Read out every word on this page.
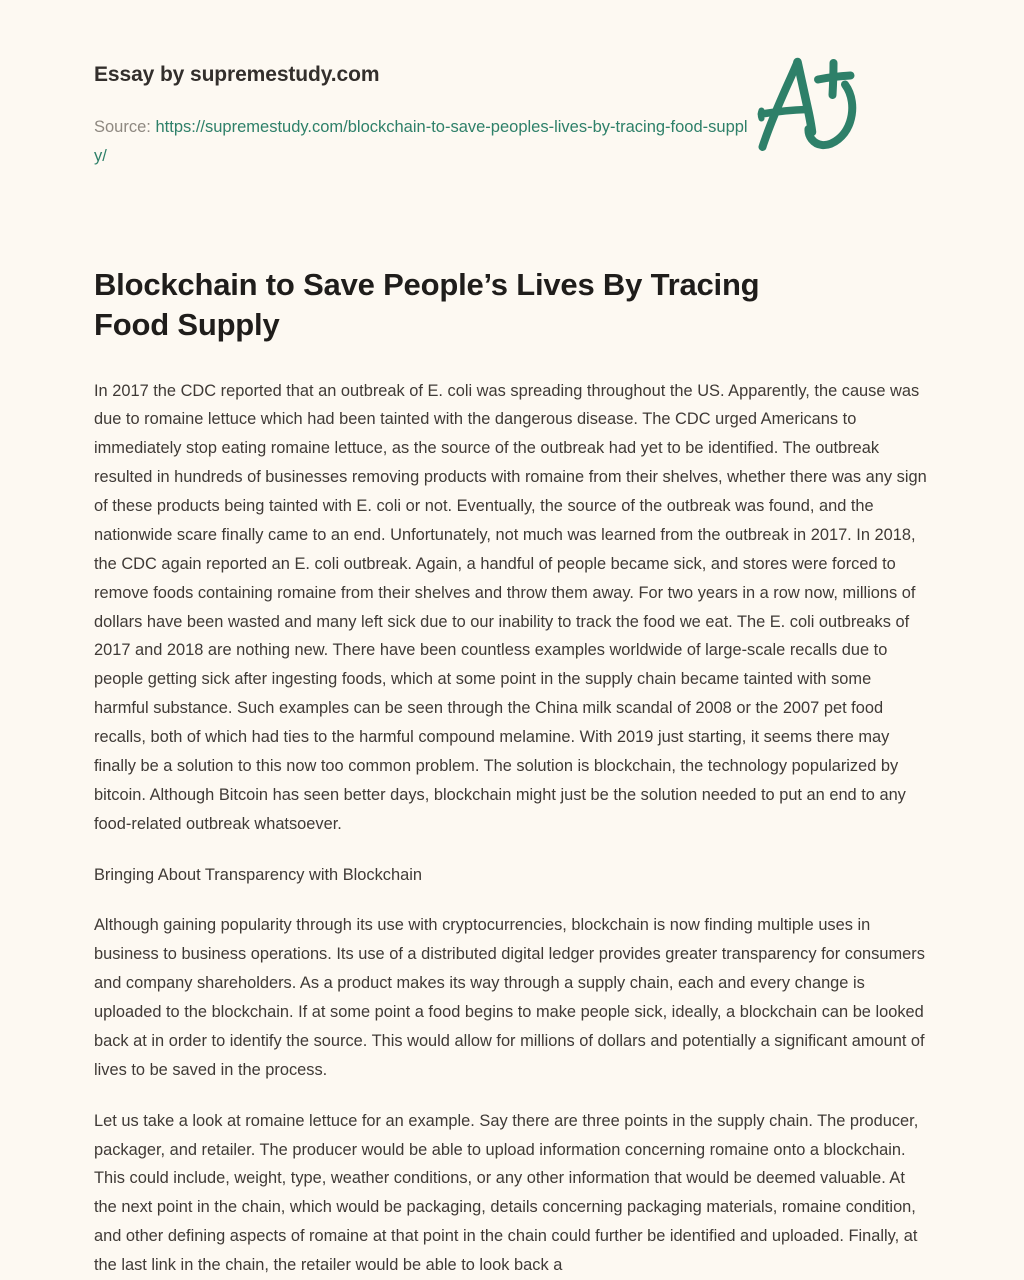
Essay by supremestudy.com

Source: https://supremestudy.com/blockchain-to-save-peoples-lives-by-tracing-food-supply/

Blockchain to Save People’s Lives By Tracing Food Supply

In 2017 the CDC reported that an outbreak of E. coli was spreading throughout the US. Apparently, the cause was due to romaine lettuce which had been tainted with the dangerous disease. The CDC urged Americans to immediately stop eating romaine lettuce, as the source of the outbreak had yet to be identified. The outbreak resulted in hundreds of businesses removing products with romaine from their shelves, whether there was any sign of these products being tainted with E. coli or not. Eventually, the source of the outbreak was found, and the nationwide scare finally came to an end. Unfortunately, not much was learned from the outbreak in 2017. In 2018, the CDC again reported an E. coli outbreak. Again, a handful of people became sick, and stores were forced to remove foods containing romaine from their shelves and throw them away. For two years in a row now, millions of dollars have been wasted and many left sick due to our inability to track the food we eat. The E. coli outbreaks of 2017 and 2018 are nothing new. There have been countless examples worldwide of large-scale recalls due to people getting sick after ingesting foods, which at some point in the supply chain became tainted with some harmful substance. Such examples can be seen through the China milk scandal of 2008 or the 2007 pet food recalls, both of which had ties to the harmful compound melamine. With 2019 just starting, it seems there may finally be a solution to this now too common problem. The solution is blockchain, the technology popularized by bitcoin. Although Bitcoin has seen better days, blockchain might just be the solution needed to put an end to any food-related outbreak whatsoever.

Bringing About Transparency with Blockchain

Although gaining popularity through its use with cryptocurrencies, blockchain is now finding multiple uses in business to business operations. Its use of a distributed digital ledger provides greater transparency for consumers and company shareholders. As a product makes its way through a supply chain, each and every change is uploaded to the blockchain. If at some point a food begins to make people sick, ideally, a blockchain can be looked back at in order to identify the source. This would allow for millions of dollars and potentially a significant amount of lives to be saved in the process.

Let us take a look at romaine lettuce for an example. Say there are three points in the supply chain. The producer, packager, and retailer. The producer would be able to upload information concerning romaine onto a blockchain. This could include, weight, type, weather conditions, or any other information that would be deemed valuable. At the next point in the chain, which would be packaging, details concerning packaging materials, romaine condition, and other defining aspects of romaine at that point in the chain could further be identified and uploaded. Finally, at the last link in the chain, the retailer would be able to look back a
